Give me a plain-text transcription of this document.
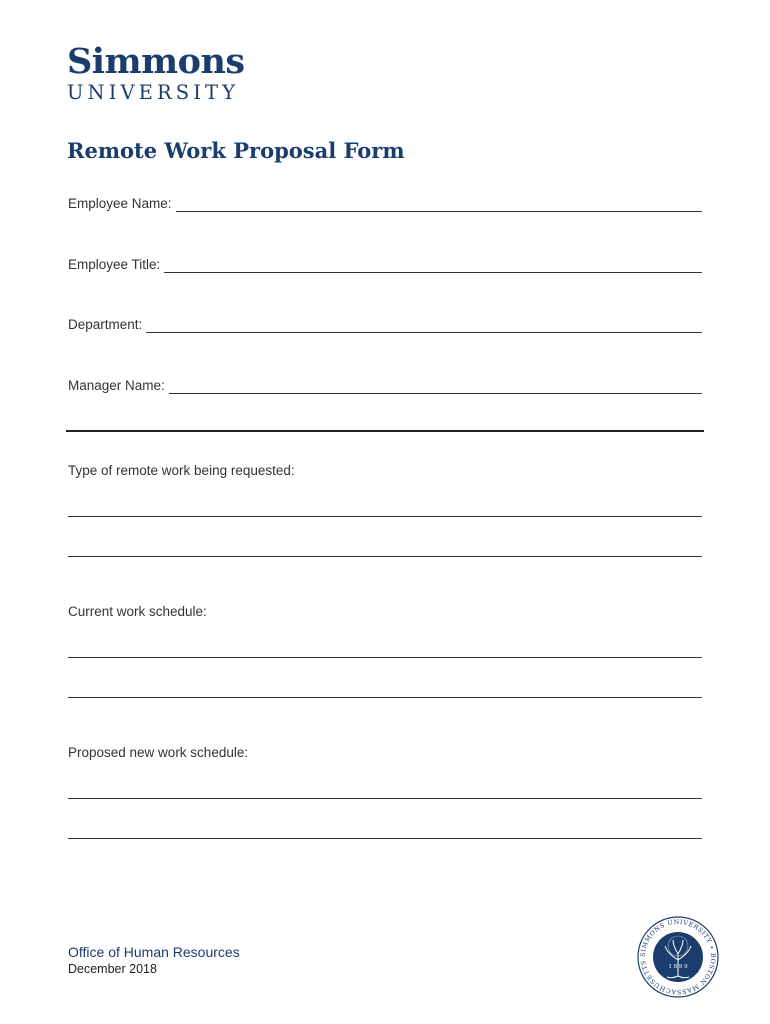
Simmons
UNIVERSITY
Remote Work Proposal Form
Employee Name:
Employee Title:
Department:
Manager Name:
Type of remote work being requested:
Current work schedule:
Proposed new work schedule:
Office of Human Resources
December 2018
SIMMONS UNIVERSITY • BOSTON MASSACHUSETTS
1 8 9 9
